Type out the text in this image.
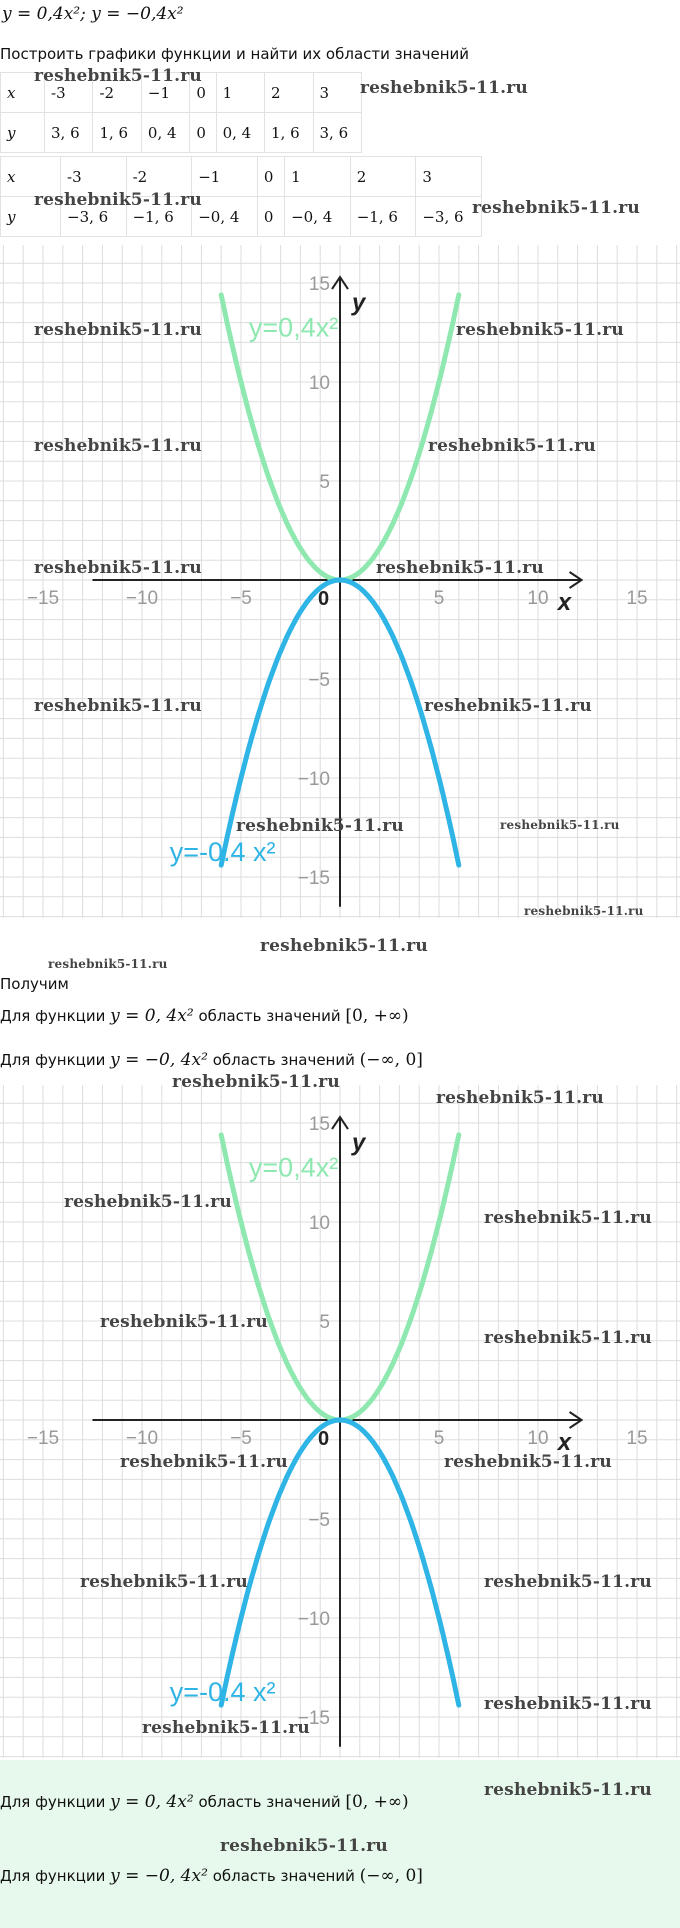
y = 0,4x²; y = −0,4x²
Построить графики функции и найти их области значений
x	-3	-2	−1	0	1	2	3
y	3, 6	1, 6	0, 4	0	0, 4	1, 6	3, 6
x	-3	-2	−1	0	1	2	3
y	−3, 6	−1, 6	−0, 4	0	−0, 4	−1, 6	−3, 6
−15	−10	−5	5	10	15
15
10
5
−5
−10
−15
0	x
y
y=0,4x²
y=-0.4 x²
Получим
Для функции y = 0, 4x² область значений [0, +∞)
Для функции y = −0, 4x² область значений (−∞, 0]
−15	−10	−5	5	10	15
15
10
5
−5
−10
−15
0	x
y
y=0,4x²
y=-0.4 x²
Для функции y = 0, 4x² область значений [0, +∞)
Для функции y = −0, 4x² область значений (−∞, 0]
reshebnik5-11.ru
reshebnik5-11.ru
reshebnik5-11.ru	reshebnik5-11.ru
reshebnik5-11.ru	reshebnik5-11.ru
reshebnik5-11.ru	reshebnik5-11.ru
reshebnik5-11.ru	reshebnik5-11.ru
reshebnik5-11.ru	reshebnik5-11.ru
reshebnik5-11.ru	reshebnik5-11.ru
reshebnik5-11.ru
reshebnik5-11.ru
reshebnik5-11.ru
reshebnik5-11.ru
reshebnik5-11.ru
reshebnik5-11.ru
reshebnik5-11.ru
reshebnik5-11.ru
reshebnik5-11.ru
reshebnik5-11.ru	reshebnik5-11.ru
reshebnik5-11.ru	reshebnik5-11.ru
reshebnik5-11.ru
reshebnik5-11.ru
reshebnik5-11.ru
reshebnik5-11.ru
